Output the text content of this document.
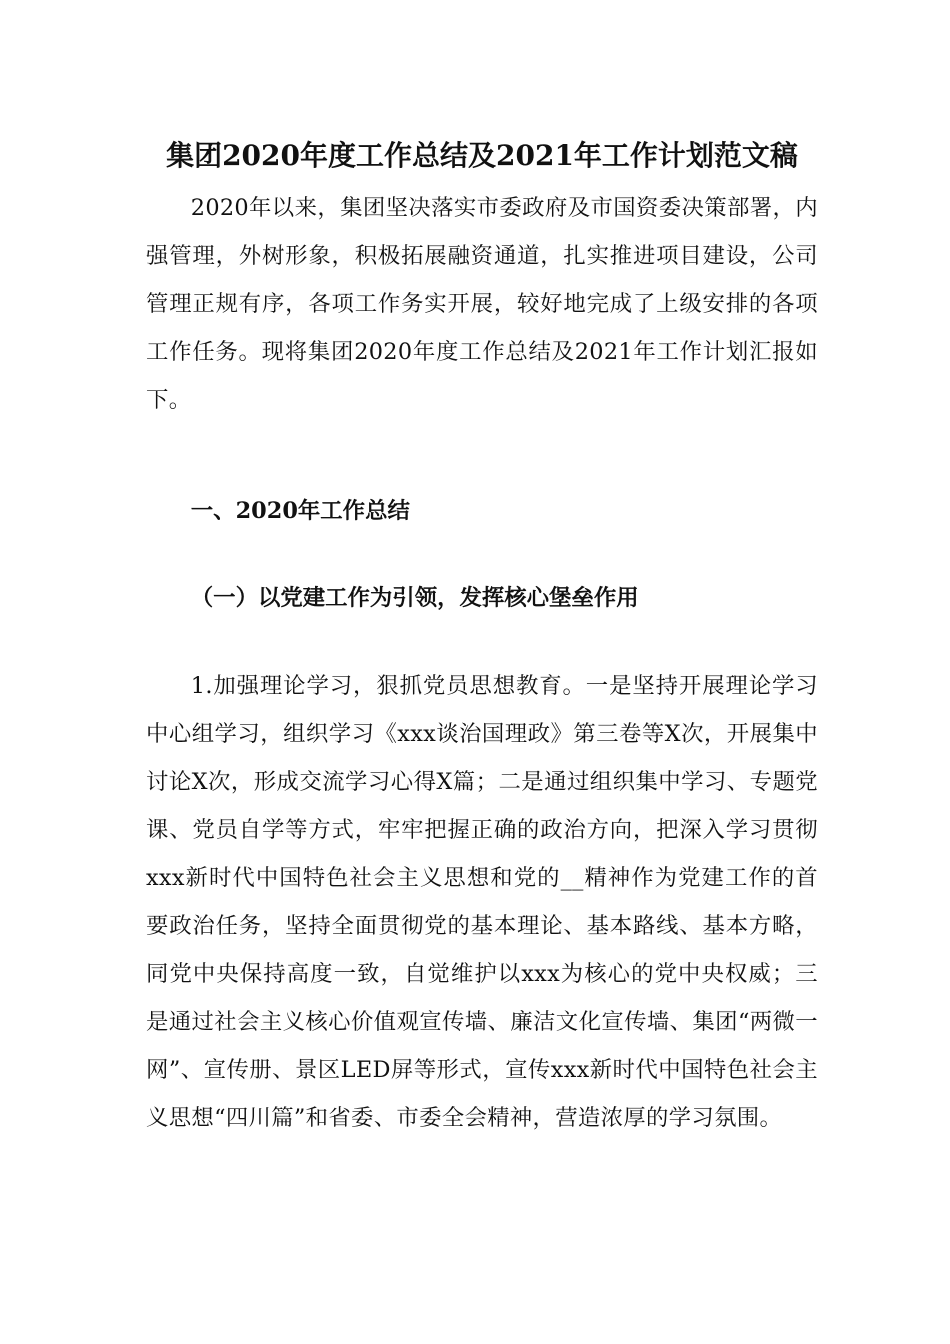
集团2020年度工作总结及2021年工作计划范文稿

2020年以来，集团坚决落实市委政府及市国资委决策部署，内强管理，外树形象，积极拓展融资通道，扎实推进项目建设，公司管理正规有序，各项工作务实开展，较好地完成了上级安排的各项工作任务。现将集团2020年度工作总结及2021年工作计划汇报如下。

一、2020年工作总结
（一）以党建工作为引领，发挥核心堡垒作用

1.加强理论学习，狠抓党员思想教育。一是坚持开展理论学习中心组学习，组织学习《xxx谈治国理政》第三卷等X次，开展集中讨论X次，形成交流学习心得X篇；二是通过组织集中学习、专题党课、党员自学等方式，牢牢把握正确的政治方向，把深入学习贯彻xxx新时代中国特色社会主义思想和党的__精神作为党建工作的首要政治任务，坚持全面贯彻党的基本理论、基本路线、基本方略，同党中央保持高度一致，自觉维护以xxx为核心的党中央权威；三是通过社会主义核心价值观宣传墙、廉洁文化宣传墙、集团“两微一网”、宣传册、景区LED屏等形式，宣传xxx新时代中国特色社会主义思想“四川篇”和省委、市委全会精神，营造浓厚的学习氛围。
